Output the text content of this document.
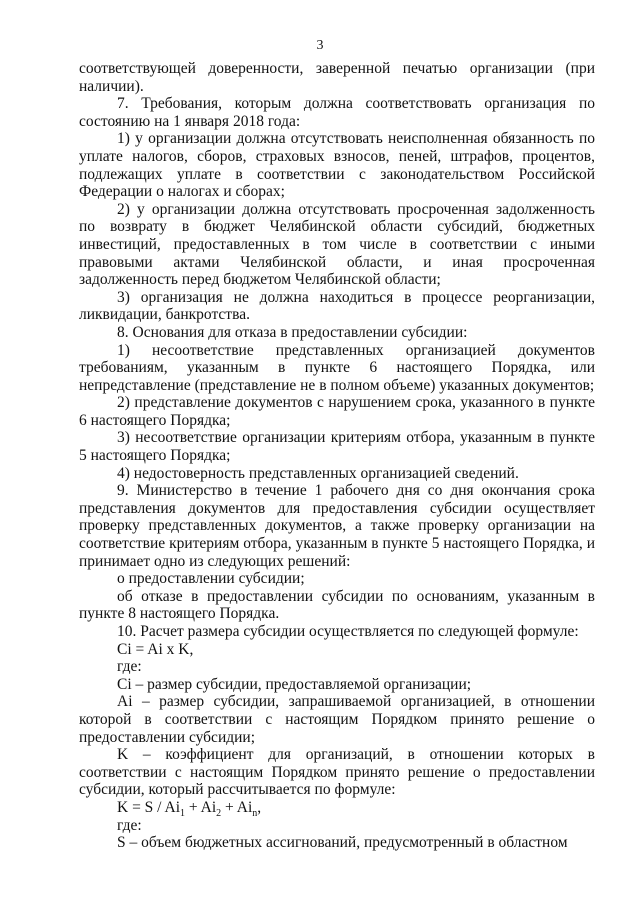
3

соответствующей доверенности, заверенной печатью организации (при наличии).

7. Требования, которым должна соответствовать организация по состоянию на 1 января 2018 года:

1) у организации должна отсутствовать неисполненная обязанность по уплате налогов, сборов, страховых взносов, пеней, штрафов, процентов, подлежащих уплате в соответствии с законодательством Российской Федерации о налогах и сборах;

2) у организации должна отсутствовать просроченная задолженность по возврату в бюджет Челябинской области субсидий, бюджетных инвестиций, предоставленных в том числе в соответствии с иными правовыми актами Челябинской области, и иная просроченная задолженность перед бюджетом Челябинской области;

3) организация не должна находиться в процессе реорганизации, ликвидации, банкротства.

8. Основания для отказа в предоставлении субсидии:

1) несоответствие представленных организацией документов требованиям, указанным в пункте 6 настоящего Порядка, или непредставление (представление не в полном объеме) указанных документов;

2) представление документов с нарушением срока, указанного в пункте 6 настоящего Порядка;

3) несоответствие организации критериям отбора, указанным в пункте 5 настоящего Порядка;

4) недостоверность представленных организацией сведений.

9. Министерство в течение 1 рабочего дня со дня окончания срока представления документов для предоставления субсидии осуществляет проверку представленных документов, а также проверку организации на соответствие критериям отбора, указанным в пункте 5 настоящего Порядка, и принимает одно из следующих решений:

о предоставлении субсидии;

об отказе в предоставлении субсидии по основаниям, указанным в пункте 8 настоящего Порядка.

10. Расчет размера субсидии осуществляется по следующей формуле:

Ci = Ai x K,

где:

Ci – размер субсидии, предоставляемой организации;

Ai – размер субсидии, запрашиваемой организацией, в отношении которой в соответствии с настоящим Порядком принято решение о предоставлении субсидии;

K – коэффициент для организаций, в отношении которых в соответствии с настоящим Порядком принято решение о предоставлении субсидии, который рассчитывается по формуле:

$K = S / Ai_1 + Ai_2 + Ai_n$,

где:

S – объем бюджетных ассигнований, предусмотренный в областном
